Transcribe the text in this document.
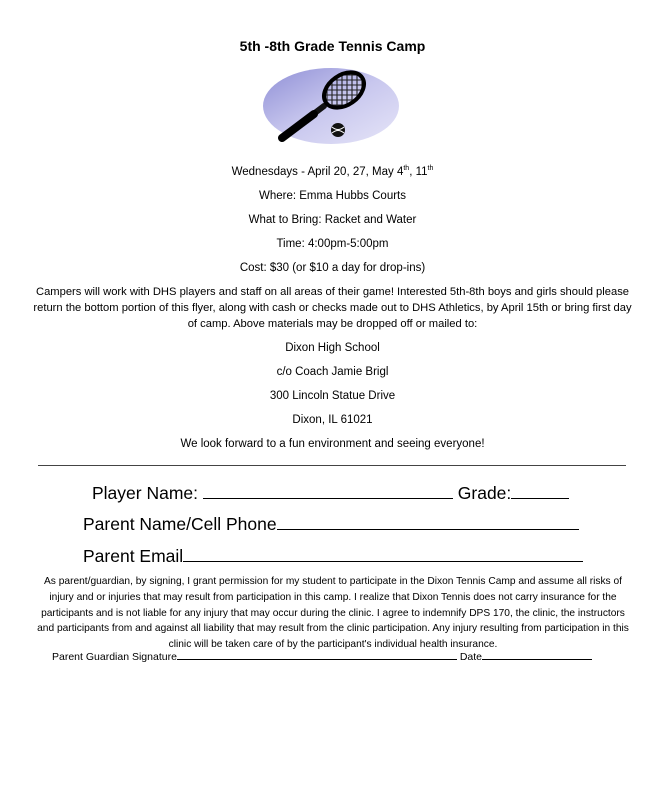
5th -8th Grade Tennis Camp
Wednesdays - April 20, 27, May 4th, 11th
Where: Emma Hubbs Courts
What to Bring: Racket and Water
Time: 4:00pm-5:00pm
Cost: $30 (or $10 a day for drop-ins)
Campers will work with DHS players and staff on all areas of their game! Interested 5th-8th boys and girls should please return the bottom portion of this flyer, along with cash or checks made out to DHS Athletics, by April 15th or bring first day of camp. Above materials may be dropped off or mailed to:
Dixon High School
c/o Coach Jamie Brigl
300 Lincoln Statue Drive
Dixon, IL 61021
We look forward to a fun environment and seeing everyone!
Player Name:	Grade:
Parent Name/Cell Phone
Parent Email
As parent/guardian, by signing, I grant permission for my student to participate in the Dixon Tennis Camp and assume all risks of injury and or injuries that may result from participation in this camp. I realize that Dixon Tennis does not carry insurance for the participants and is not liable for any injury that may occur during the clinic. I agree to indemnify DPS 170, the clinic, the instructors and participants from and against all liability that may result from the clinic participation. Any injury resulting from participation in this clinic will be taken care of by the participant's individual health insurance.
Parent Guardian Signature	Date
